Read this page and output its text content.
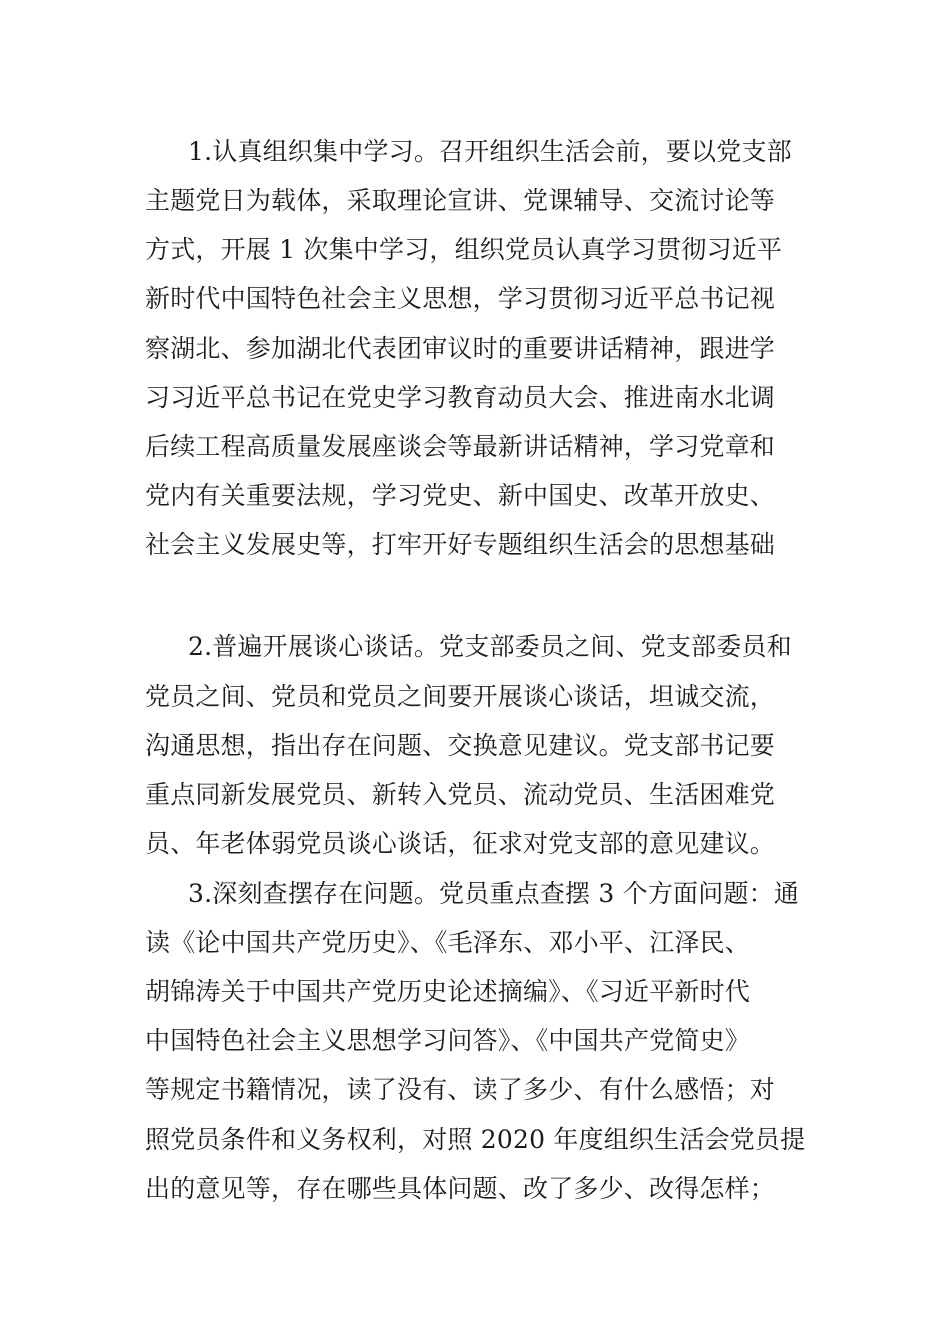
1.认真组织集中学习。召开组织生活会前，要以党支部
主题党日为载体，采取理论宣讲、党课辅导、交流讨论等
方式，开展 1 次集中学习，组织党员认真学习贯彻习近平
新时代中国特色社会主义思想，学习贯彻习近平总书记视
察湖北、参加湖北代表团审议时的重要讲话精神，跟进学
习习近平总书记在党史学习教育动员大会、推进南水北调
后续工程高质量发展座谈会等最新讲话精神，学习党章和
党内有关重要法规，学习党史、新中国史、改革开放史、
社会主义发展史等，打牢开好专题组织生活会的思想基础
2.普遍开展谈心谈话。党支部委员之间、党支部委员和
党员之间、党员和党员之间要开展谈心谈话，坦诚交流，
沟通思想，指出存在问题、交换意见建议。党支部书记要
重点同新发展党员、新转入党员、流动党员、生活困难党
员、年老体弱党员谈心谈话，征求对党支部的意见建议。
3.深刻查摆存在问题。党员重点查摆 3 个方面问题：通
读《论中国共产党历史》、《毛泽东、邓小平、江泽民、
胡锦涛关于中国共产党历史论述摘编》、《习近平新时代
中国特色社会主义思想学习问答》、《中国共产党简史》
等规定书籍情况，读了没有、读了多少、有什么感悟；对
照党员条件和义务权利，对照 2020 年度组织生活会党员提
出的意见等，存在哪些具体问题、改了多少、改得怎样；
